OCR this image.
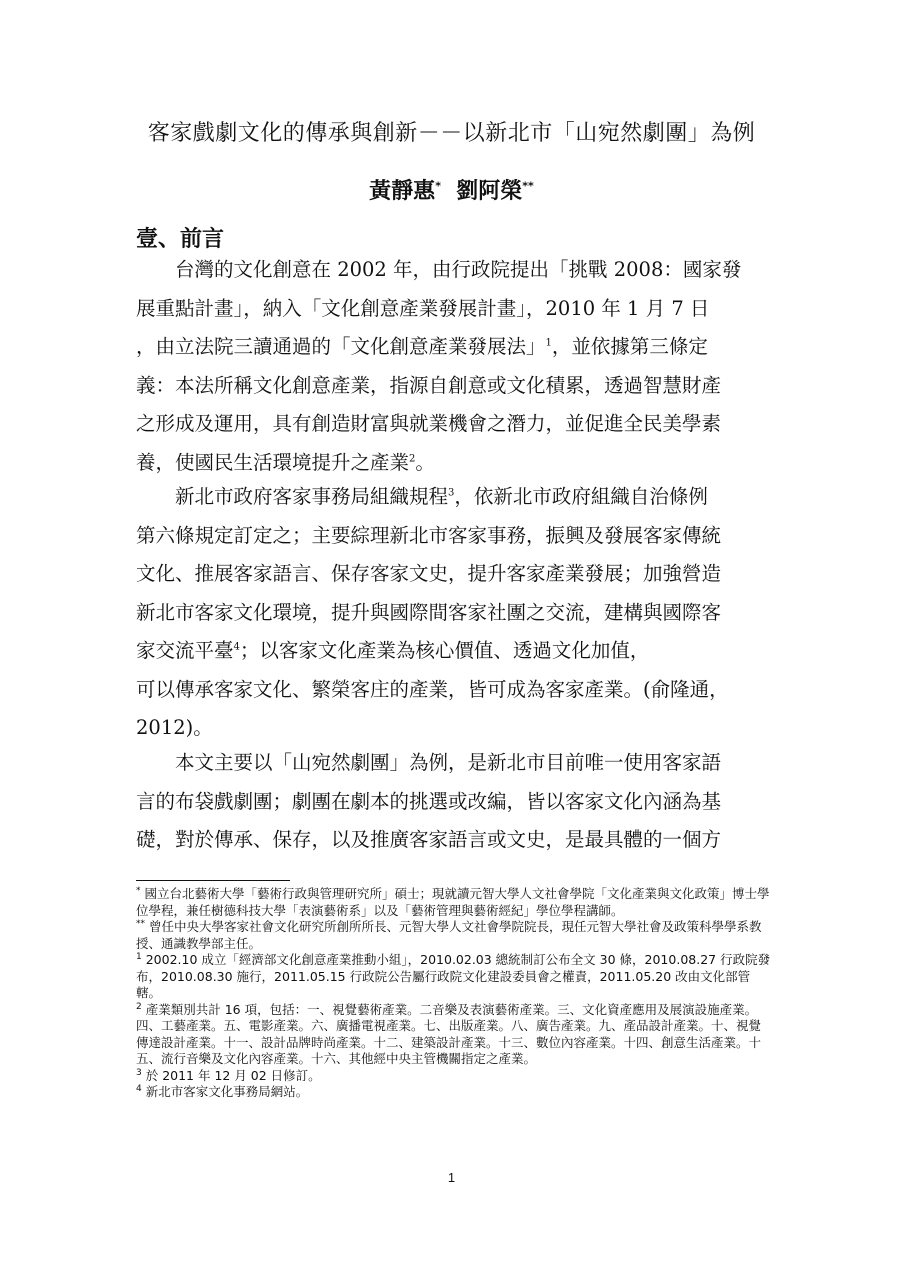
客家戲劇文化的傳承與創新－－以新北市「山宛然劇團」為例
黃靜惠* 劉阿榮**
壹、前言
　　台灣的文化創意在 2002 年，由行政院提出「挑戰 2008：國家發
展重點計畫」，納入「文化創意產業發展計畫」，2010 年 1 月 7 日
，由立法院三讀通過的「文化創意產業發展法」$^1$，並依據第三條定
義：本法所稱文化創意產業，指源自創意或文化積累，透過智慧財產
之形成及運用，具有創造財富與就業機會之潛力，並促進全民美學素
養，使國民生活環境提升之產業$^2$。
　　新北市政府客家事務局組織規程$^3$，依新北市政府組織自治條例
第六條規定訂定之；主要綜理新北市客家事務，振興及發展客家傳統
文化、推展客家語言、保存客家文史，提升客家產業發展；加強營造
新北市客家文化環境，提升與國際間客家社團之交流，建構與國際客
家交流平臺$^4$；以客家文化產業為核心價值、透過文化加值，
可以傳承客家文化、繁榮客庄的產業，皆可成為客家產業。(俞隆通，
2012)。
　　本文主要以「山宛然劇團」為例，是新北市目前唯一使用客家語
言的布袋戲劇團；劇團在劇本的挑選或改編，皆以客家文化內涵為基
礎，對於傳承、保存，以及推廣客家語言或文史，是最具體的一個方

* 國立台北藝術大學「藝術行政與管理研究所」碩士；現就讀元智大學人文社會學院「文化產業與文化政策」博士學位學程，兼任樹德科技大學「表演藝術系」以及「藝術管理與藝術經紀」學位學程講師。

** 曾任中央大學客家社會文化研究所創所所長、元智大學人文社會學院院長，現任元智大學社會及政策科學學系教授、通識教學部主任。

$^1$ 2002.10 成立「經濟部文化創意產業推動小組」，2010.02.03 總統制訂公布全文 30 條，2010.08.27 行政院發布，2010.08.30 施行，2011.05.15 行政院公告屬行政院文化建設委員會之權責，2011.05.20 改由文化部管轄。

$^2$ 產業類別共計 16 項，包括：一、視覺藝術產業。二音樂及表演藝術產業。三、文化資產應用及展演設施產業。四、工藝產業。五、電影產業。六、廣播電視產業。七、出版產業。八、廣告產業。九、產品設計產業。十、視覺傳達設計產業。十一、設計品牌時尚產業。十二、建築設計產業。十三、數位內容產業。十四、創意生活產業。十五、流行音樂及文化內容產業。十六、其他經中央主管機關指定之產業。

$^3$ 於 2011 年 12 月 02 日修訂。

$^4$ 新北市客家文化事務局網站。

1
